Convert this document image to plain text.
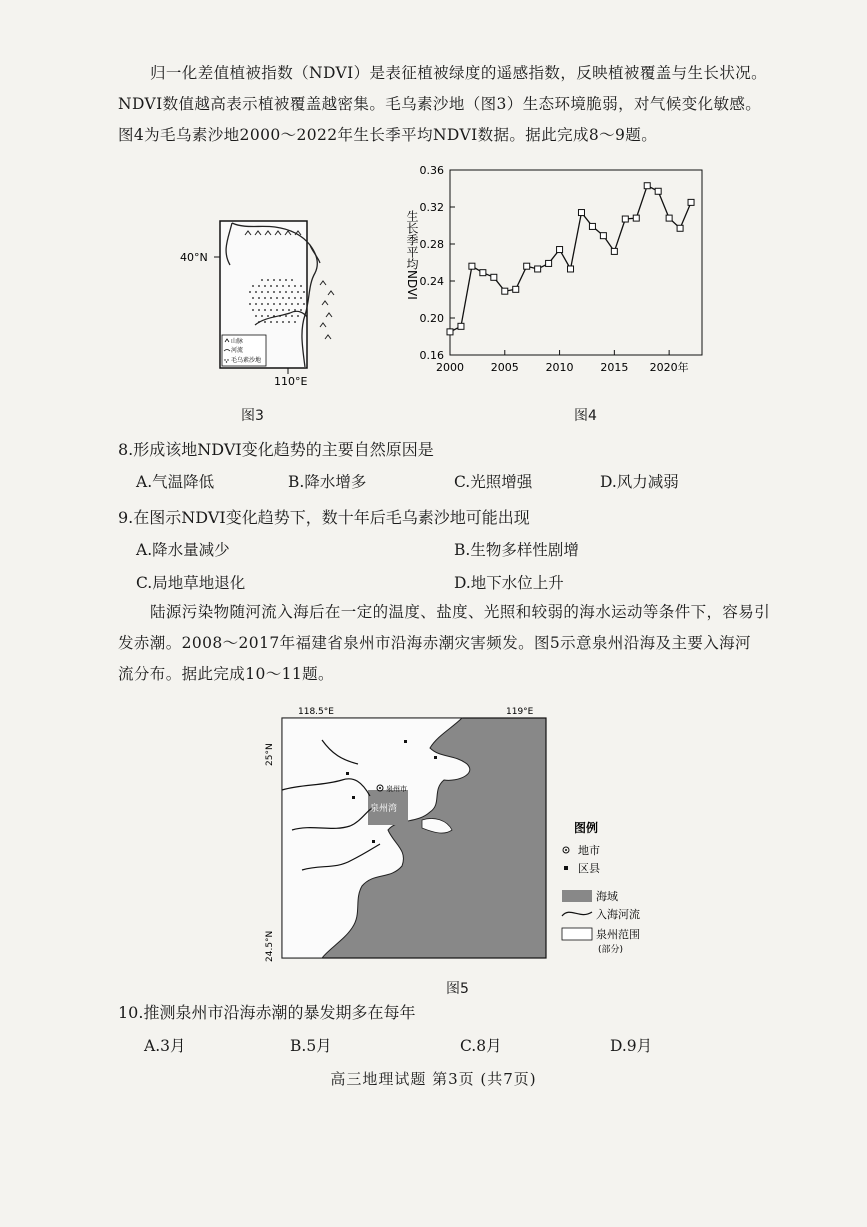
归一化差值植被指数（NDVI）是表征植被绿度的遥感指数，反映植被覆盖与生长状况。
NDVI数值越高表示植被覆盖越密集。毛乌素沙地（图3）生态环境脆弱，对气候变化敏感。
图4为毛乌素沙地2000～2022年生长季平均NDVI数据。据此完成8～9题。
山脉
河流
毛乌素沙地
40°N
110°E
图3
0.16
0.20
0.24
0.28
0.32
0.36
2000 2005 2010 2015 2020年
生长季平均NDVI
图4
8.形成该地NDVI变化趋势的主要自然原因是
A.气温降低	B.降水增多	C.光照增强	D.风力减弱
9.在图示NDVI变化趋势下，数十年后毛乌素沙地可能出现
A.降水量减少	B.生物多样性剧增
C.局地草地退化	D.地下水位上升
陆源污染物随河流入海后在一定的温度、盐度、光照和较弱的海水运动等条件下，容易引
发赤潮。2008～2017年福建省泉州市沿海赤潮灾害频发。图5示意泉州沿海及主要入海河
流分布。据此完成10～11题。
泉州市
泉州湾
118.5°E	119°E
25°N
24.5°N
图例
地市
区县
海域
入海河流
泉州范围
(部分)
图5
10.推测泉州市沿海赤潮的暴发期多在每年
A.3月	B.5月	C.8月	D.9月
高三地理试题 第3页 (共7页)
